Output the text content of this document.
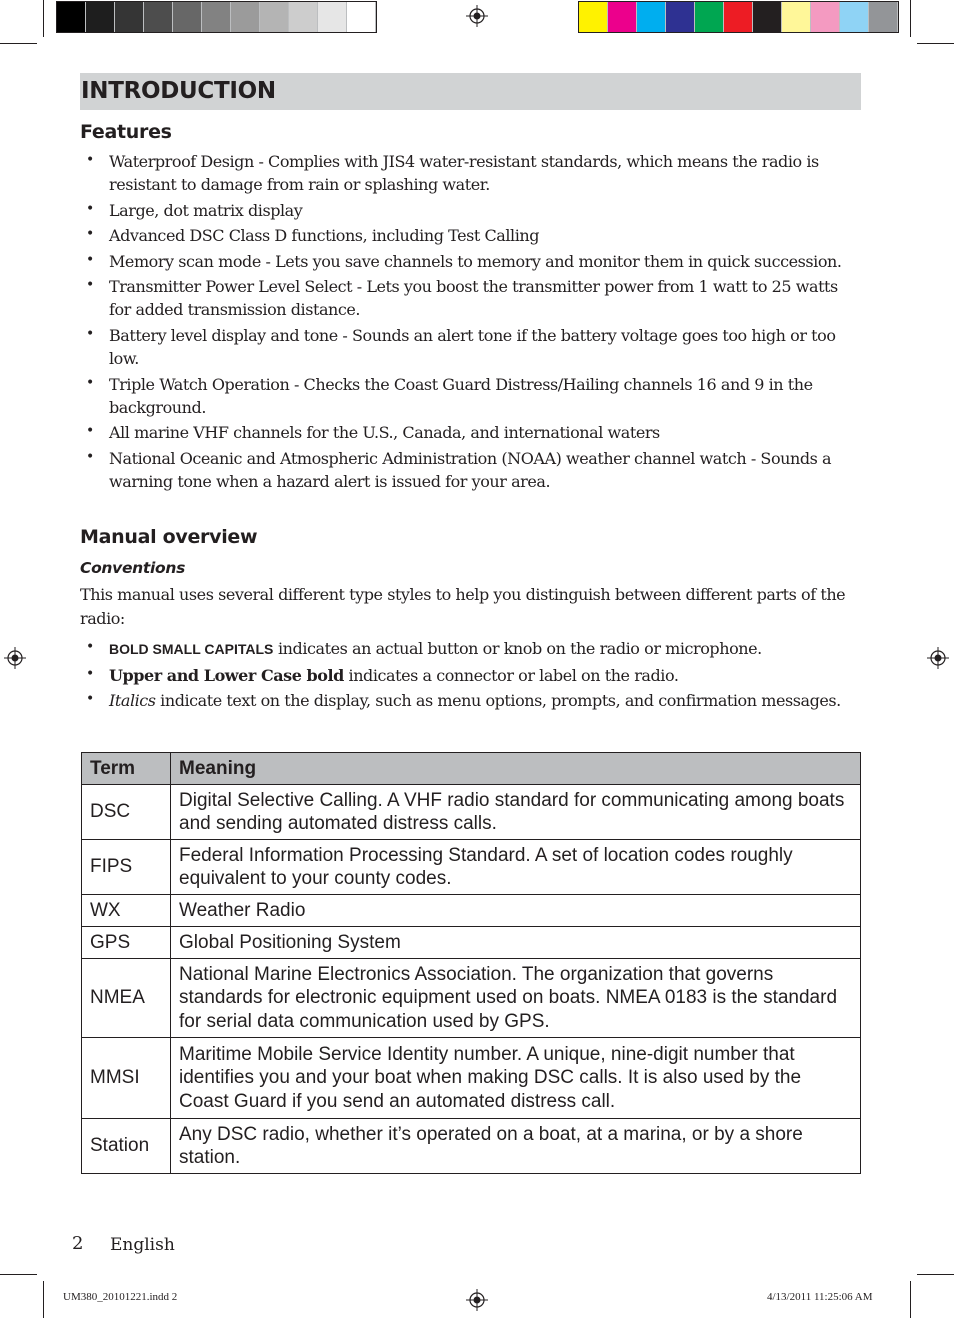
INTRODUCTION
Features
• Waterproof Design - Complies with JIS4 water-resistant standards, which means the radio is resistant to damage from rain or splashing water.
• Large, dot matrix display
• Advanced DSC Class D functions, including Test Calling
• Memory scan mode - Lets you save channels to memory and monitor them in quick succession.
• Transmitter Power Level Select - Lets you boost the transmitter power from 1 watt to 25 watts for added transmission distance.
• Battery level display and tone - Sounds an alert tone if the battery voltage goes too high or too low.
• Triple Watch Operation - Checks the Coast Guard Distress/Hailing channels 16 and 9 in the background.
• All marine VHF channels for the U.S., Canada, and international waters
• National Oceanic and Atmospheric Administration (NOAA) weather channel watch - Sounds a warning tone when a hazard alert is issued for your area.
Manual overview
Conventions

This manual uses several different type styles to help you distinguish between different parts of the radio:

• BOLD SMALL CAPITALS indicates an actual button or knob on the radio or microphone.
• Upper and Lower Case bold indicates a connector or label on the radio.
• Italics indicate text on the display, such as menu options, prompts, and confirmation messages.
Term	Meaning
DSC	Digital Selective Calling. A VHF radio standard for communicating among boats and sending automated distress calls.
FIPS	Federal Information Processing Standard. A set of location codes roughly equivalent to your county codes.
WX	Weather Radio
GPS	Global Positioning System
NMEA	National Marine Electronics Association. The organization that governs standards for electronic equipment used on boats. NMEA 0183 is the standard for serial data communication used by GPS.
MMSI	Maritime Mobile Service Identity number. A unique, nine-digit number that identifies you and your boat when making DSC calls. It is also used by the Coast Guard if you send an automated distress call.
Station	Any DSC radio, whether it’s operated on a boat, at a marina, or by a shore station.
2 English
UM380_20101221.indd 2	4/13/2011 11:25:06 AM
